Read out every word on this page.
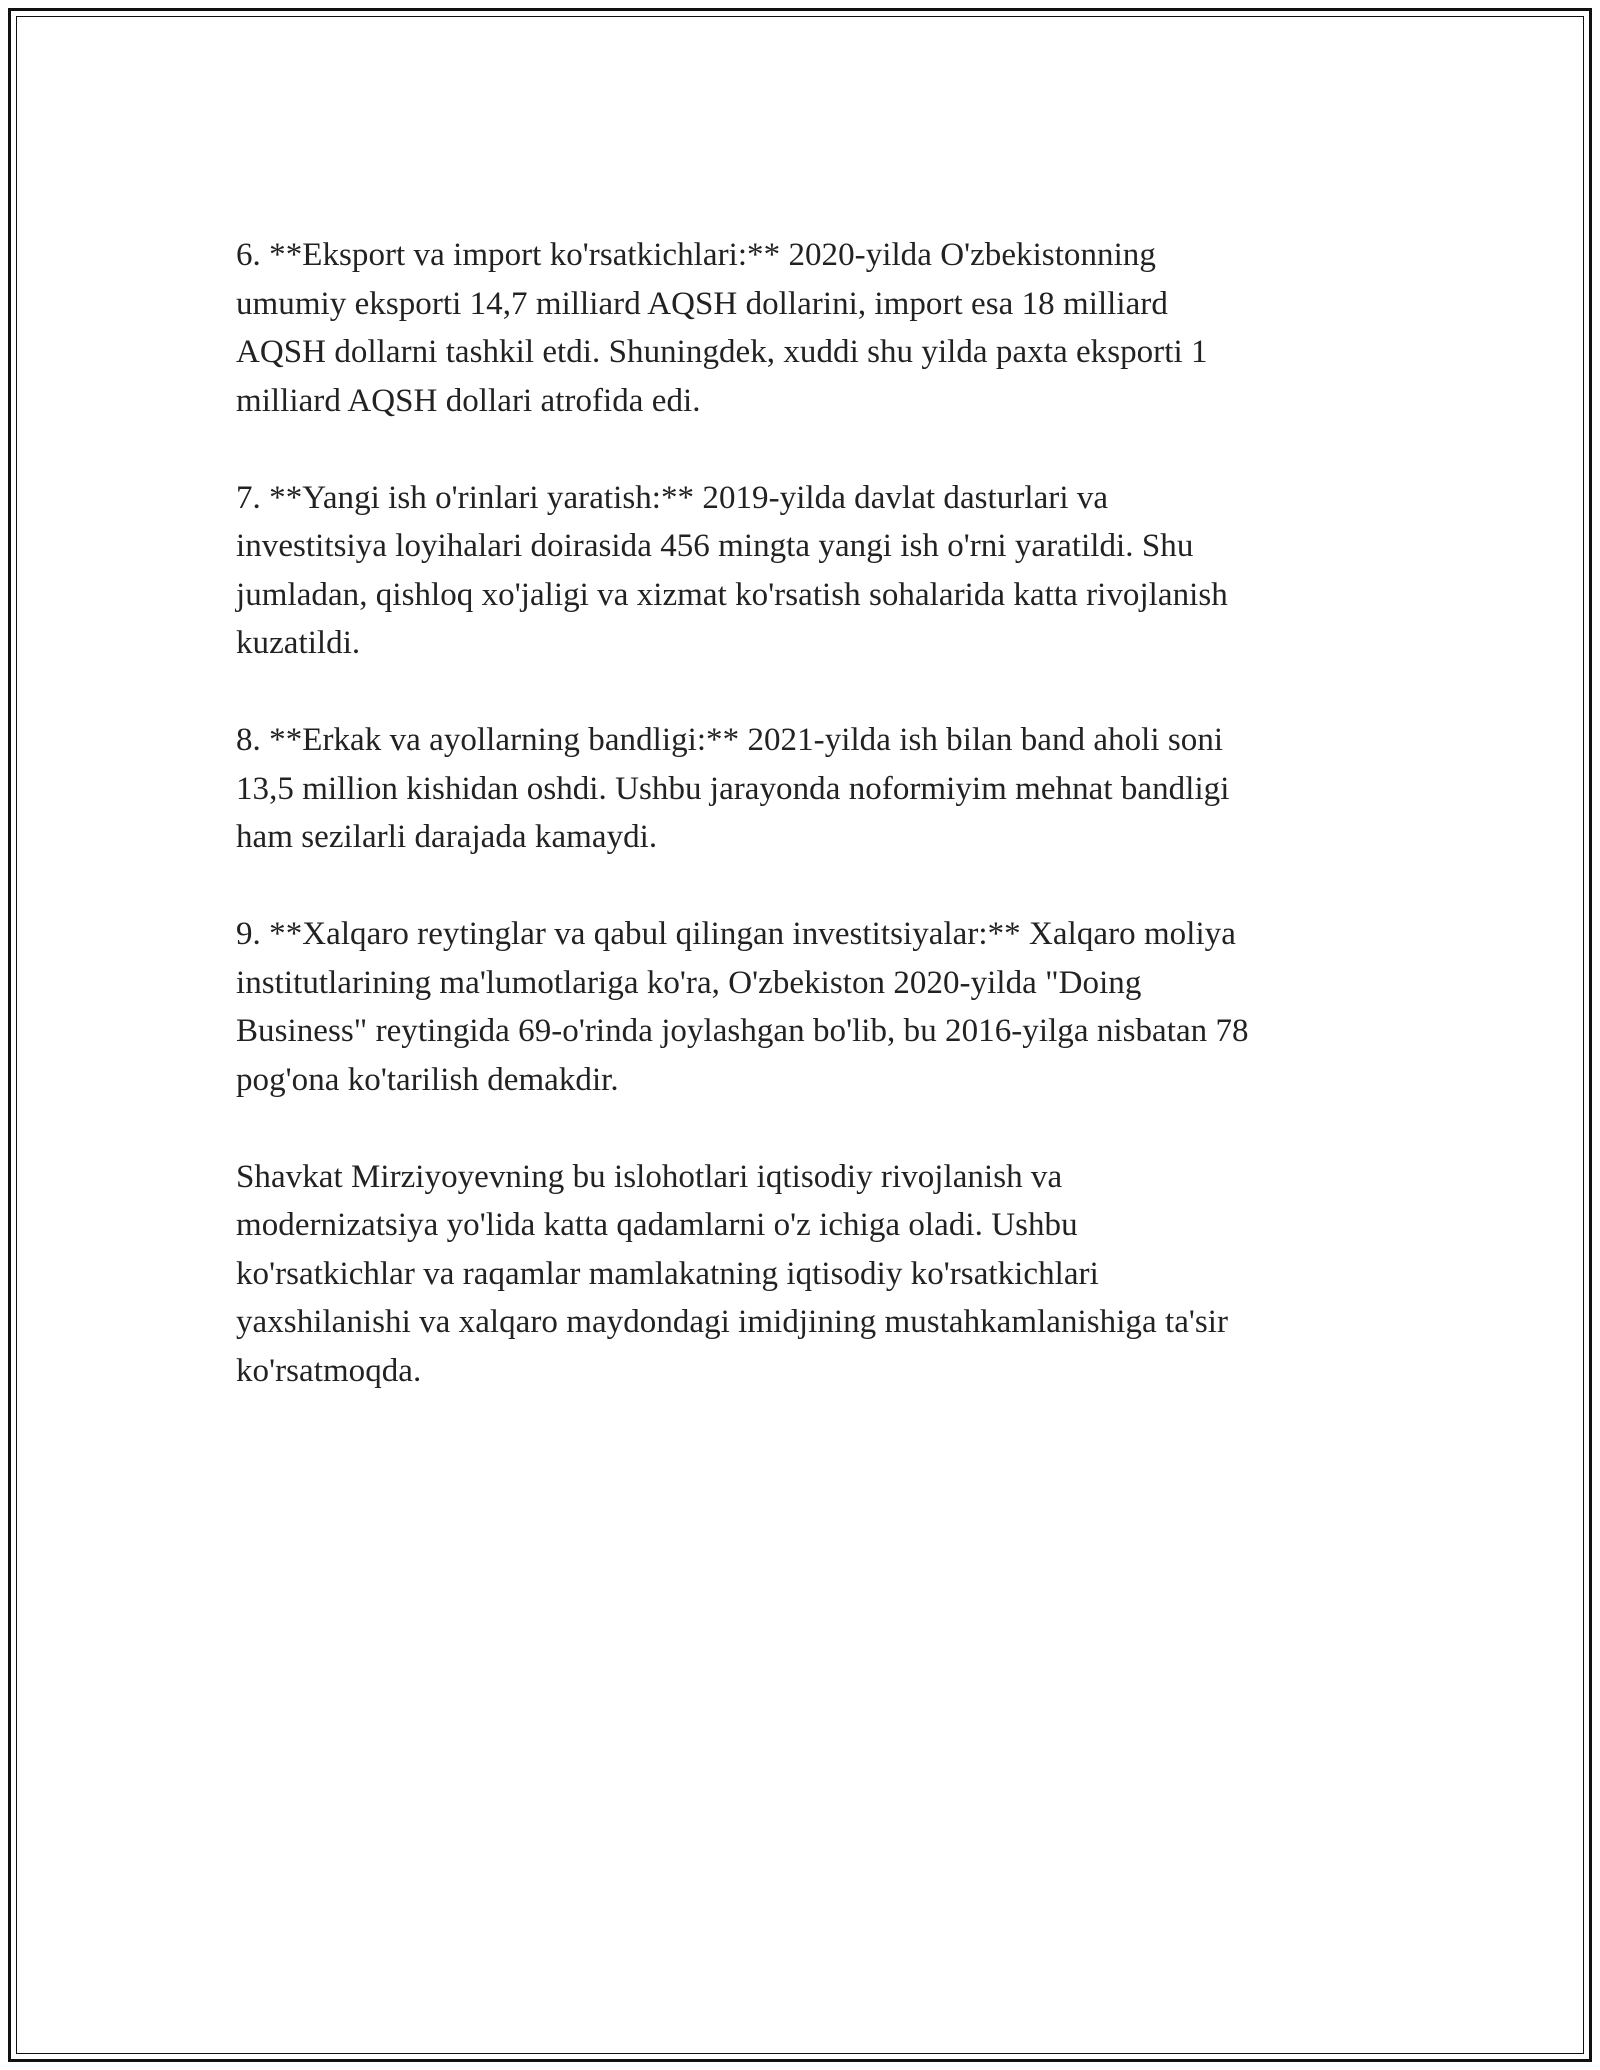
6. **Eksport va import ko'rsatkichlari:** 2020-yilda O'zbekistonning
umumiy eksporti 14,7 milliard AQSH dollarini, import esa 18 milliard
AQSH dollarni tashkil etdi. Shuningdek, xuddi shu yilda paxta eksporti 1
milliard AQSH dollari atrofida edi.

7. **Yangi ish o'rinlari yaratish:** 2019-yilda davlat dasturlari va
investitsiya loyihalari doirasida 456 mingta yangi ish o'rni yaratildi. Shu
jumladan, qishloq xo'jaligi va xizmat ko'rsatish sohalarida katta rivojlanish
kuzatildi.

8. **Erkak va ayollarning bandligi:** 2021-yilda ish bilan band aholi soni
13,5 million kishidan oshdi. Ushbu jarayonda noformiyim mehnat bandligi
ham sezilarli darajada kamaydi.

9. **Xalqaro reytinglar va qabul qilingan investitsiyalar:** Xalqaro moliya
institutlarining ma'lumotlariga ko'ra, O'zbekiston 2020-yilda "Doing
Business" reytingida 69-o'rinda joylashgan bo'lib, bu 2016-yilga nisbatan 78
pog'ona ko'tarilish demakdir.

Shavkat Mirziyoyevning bu islohotlari iqtisodiy rivojlanish va
modernizatsiya yo'lida katta qadamlarni o'z ichiga oladi. Ushbu
ko'rsatkichlar va raqamlar mamlakatning iqtisodiy ko'rsatkichlari
yaxshilanishi va xalqaro maydondagi imidjining mustahkamlanishiga ta'sir
ko'rsatmoqda.
